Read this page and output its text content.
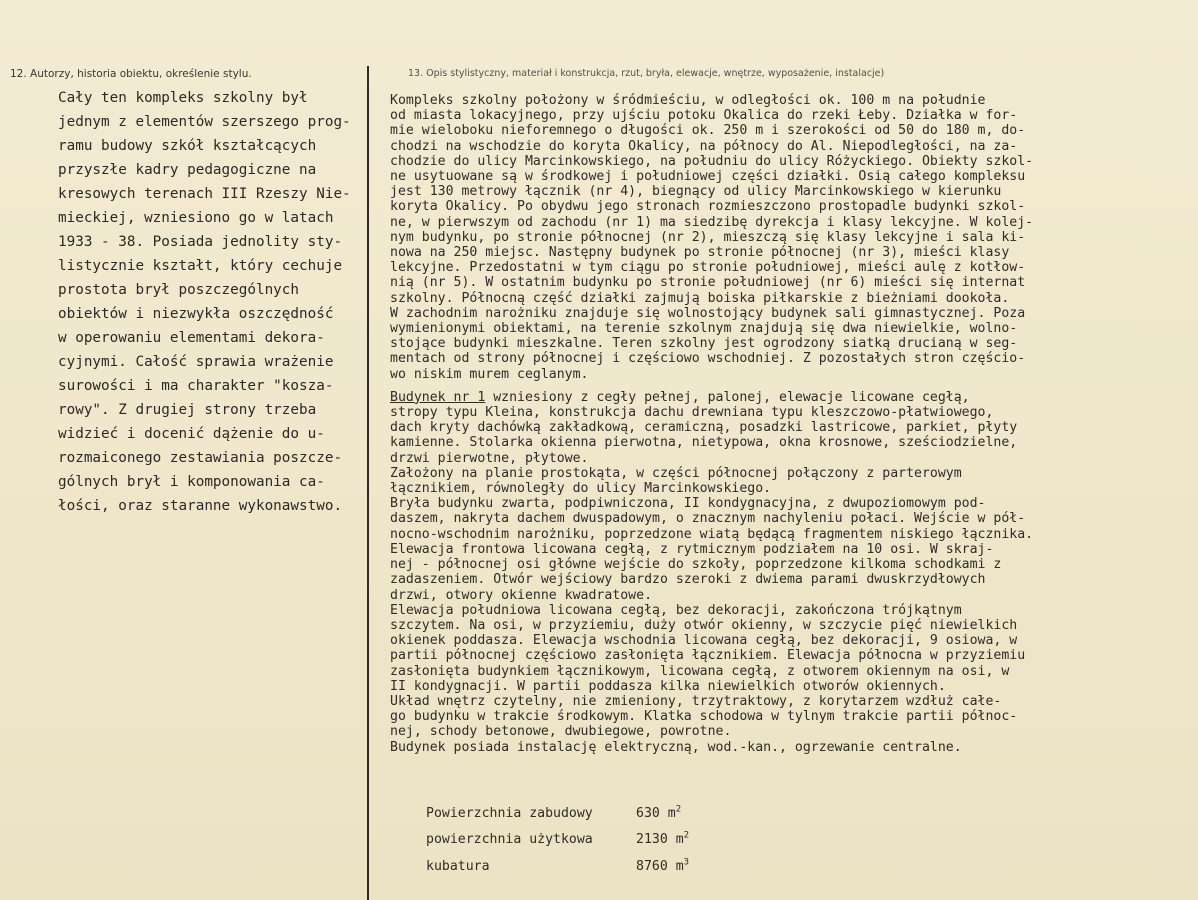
12. Autorzy, historia obiektu, określenie stylu.	13. Opis stylistyczny, materiał i konstrukcja, rzut, bryła, elewacje, wnętrze, wyposażenie, instalacje)
Cały ten kompleks szkolny był
jednym z elementów szerszego prog-
ramu budowy szkół kształcących
przyszłe kadry pedagogiczne na
kresowych terenach III Rzeszy Nie-
mieckiej, wzniesiono go w latach
1933 - 38. Posiada jednolity sty-
listycznie kształt, który cechuje
prostota brył poszczególnych
obiektów i niezwykła oszczędność
w operowaniu elementami dekora-
cyjnymi. Całość sprawia wrażenie
surowości i ma charakter "kosza-
rowy". Z drugiej strony trzeba
widzieć i docenić dążenie do u-
rozmaiconego zestawiania poszcze-
gólnych brył i komponowania ca-
łości, oraz staranne wykonawstwo.
Kompleks szkolny położony w śródmieściu, w odległości ok. 100 m na południe
od miasta lokacyjnego, przy ujściu potoku Okalica do rzeki Łeby. Działka w for-
mie wieloboku nieforemnego o długości ok. 250 m i szerokości od 50 do 180 m, do-
chodzi na wschodzie do koryta Okalicy, na północy do Al. Niepodległości, na za-
chodzie do ulicy Marcinkowskiego, na południu do ulicy Różyckiego. Obiekty szkol-
ne usytuowane są w środkowej i południowej części działki. Osią całego kompleksu
jest 130 metrowy łącznik (nr 4), biegnący od ulicy Marcinkowskiego w kierunku
koryta Okalicy. Po obydwu jego stronach rozmieszczono prostopadle budynki szkol-
ne, w pierwszym od zachodu (nr 1) ma siedzibę dyrekcja i klasy lekcyjne. W kolej-
nym budynku, po stronie północnej (nr 2), mieszczą się klasy lekcyjne i sala ki-
nowa na 250 miejsc. Następny budynek po stronie północnej (nr 3), mieści klasy
lekcyjne. Przedostatni w tym ciągu po stronie południowej, mieści aulę z kotłow-
nią (nr 5). W ostatnim budynku po stronie południowej (nr 6) mieści się internat
szkolny. Północną część działki zajmują boiska piłkarskie z bieżniami dookoła.
W zachodnim narożniku znajduje się wolnostojący budynek sali gimnastycznej. Poza
wymienionymi obiektami, na terenie szkolnym znajdują się dwa niewielkie, wolno-
stojące budynki mieszkalne. Teren szkolny jest ogrodzony siatką drucianą w seg-
mentach od strony północnej i częściowo wschodniej. Z pozostałych stron częścio-
wo niskim murem ceglanym.
Budynek nr 1 wzniesiony z cegły pełnej, palonej, elewacje licowane cegłą,
stropy typu Kleina, konstrukcja dachu drewniana typu kleszczowo-płatwiowego,
dach kryty dachówką zakładkową, ceramiczną, posadzki lastricowe, parkiet, płyty
kamienne. Stolarka okienna pierwotna, nietypowa, okna krosnowe, sześciodzielne,
drzwi pierwotne, płytowe.
Założony na planie prostokąta, w części północnej połączony z parterowym
łącznikiem, równoległy do ulicy Marcinkowskiego.
Bryła budynku zwarta, podpiwniczona, II kondygnacyjna, z dwupoziomowym pod-
daszem, nakryta dachem dwuspadowym, o znacznym nachyleniu połaci. Wejście w pół-
nocno-wschodnim narożniku, poprzedzone wiatą będącą fragmentem niskiego łącznika.
Elewacja frontowa licowana cegłą, z rytmicznym podziałem na 10 osi. W skraj-
nej - północnej osi główne wejście do szkoły, poprzedzone kilkoma schodkami z
zadaszeniem. Otwór wejściowy bardzo szeroki z dwiema parami dwuskrzydłowych
drzwi, otwory okienne kwadratowe.
Elewacja południowa licowana cegłą, bez dekoracji, zakończona trójkątnym
szczytem. Na osi, w przyziemiu, duży otwór okienny, w szczycie pięć niewielkich
okienek poddasza. Elewacja wschodnia licowana cegłą, bez dekoracji, 9 osiowa, w
partii północnej częściowo zasłonięta łącznikiem. Elewacja północna w przyziemiu
zasłonięta budynkiem łącznikowym, licowana cegłą, z otworem okiennym na osi, w
II kondygnacji. W partii poddasza kilka niewielkich otworów okiennych.
Układ wnętrz czytelny, nie zmieniony, trzytraktowy, z korytarzem wzdłuż całe-
go budynku w trakcie środkowym. Klatka schodowa w tylnym trakcie partii północ-
nej, schody betonowe, dwubiegowe, powrotne.
Budynek posiada instalację elektryczną, wod.-kan., ogrzewanie centralne.
Powierzchnia zabudowy	630 $m^2$
powierzchnia użytkowa	2130 $m^2$
kubatura	8760 $m^3$
